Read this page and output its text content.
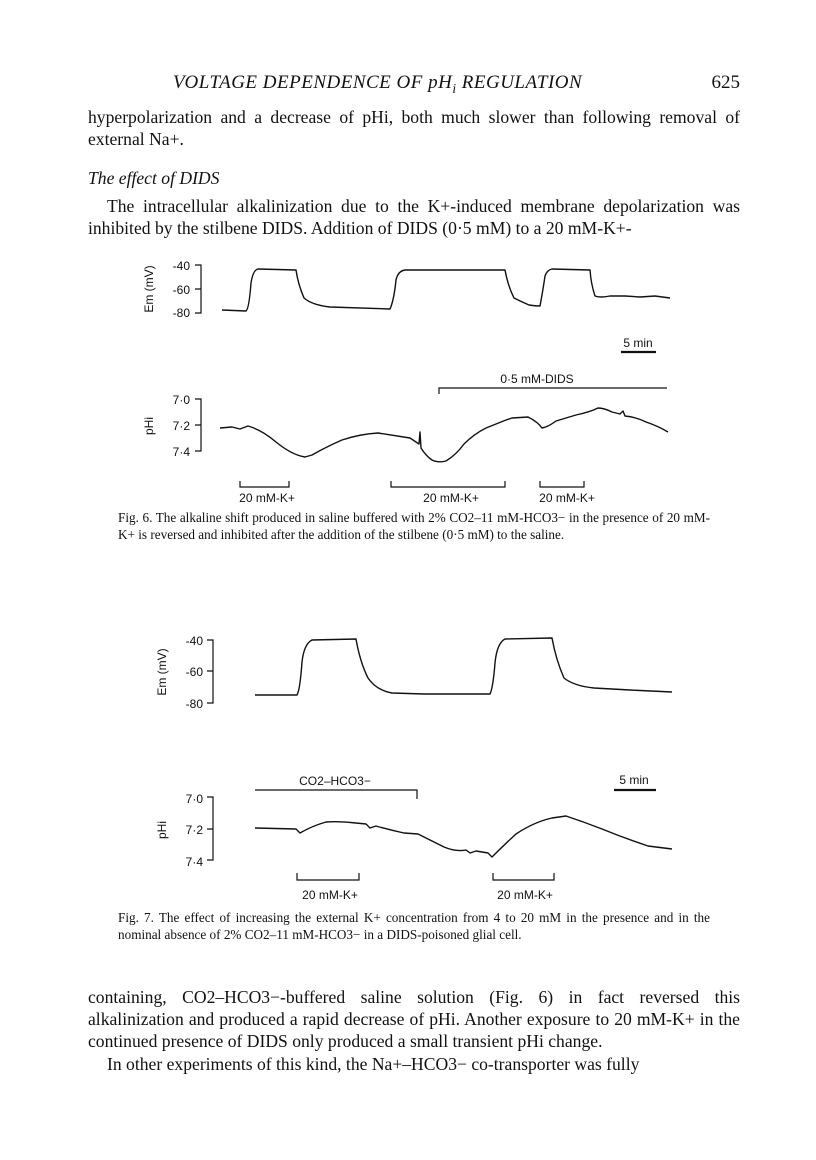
VOLTAGE DEPENDENCE OF $pH_i$ REGULATION	625

hyperpolarization and a decrease of pHi, both much slower than following removal of external Na+.

The effect of DIDS

The intracellular alkalinization due to the K+-induced membrane depolarization was inhibited by the stilbene DIDS. Addition of DIDS (0·5 mM) to a 20 mM-K+-

-40
-60
-80
Em (mV)
5 min
0·5 mM-DIDS
7·0
7·2
7·4
pHi
20 mM-K+	20 mM-K+	20 mM-K+
Fig. 6. The alkaline shift produced in saline buffered with 2% CO2–11 mM-HCO3− in the presence of 20 mM-K+ is reversed and inhibited after the addition of the stilbene (0·5 mM) to the saline.
-40
-60
-80
Em (mV)
5 min
CO2–HCO3−
7·0
7·2
7·4
pHi
20 mM-K+	20 mM-K+
Fig. 7. The effect of increasing the external K+ concentration from 4 to 20 mM in the presence and in the nominal absence of 2% CO2–11 mM-HCO3− in a DIDS-poisoned glial cell.

containing, CO2–HCO3−-buffered saline solution (Fig. 6) in fact reversed this alkalinization and produced a rapid decrease of pHi. Another exposure to 20 mM-K+ in the continued presence of DIDS only produced a small transient pHi change.

In other experiments of this kind, the Na+–HCO3− co-transporter was fully
